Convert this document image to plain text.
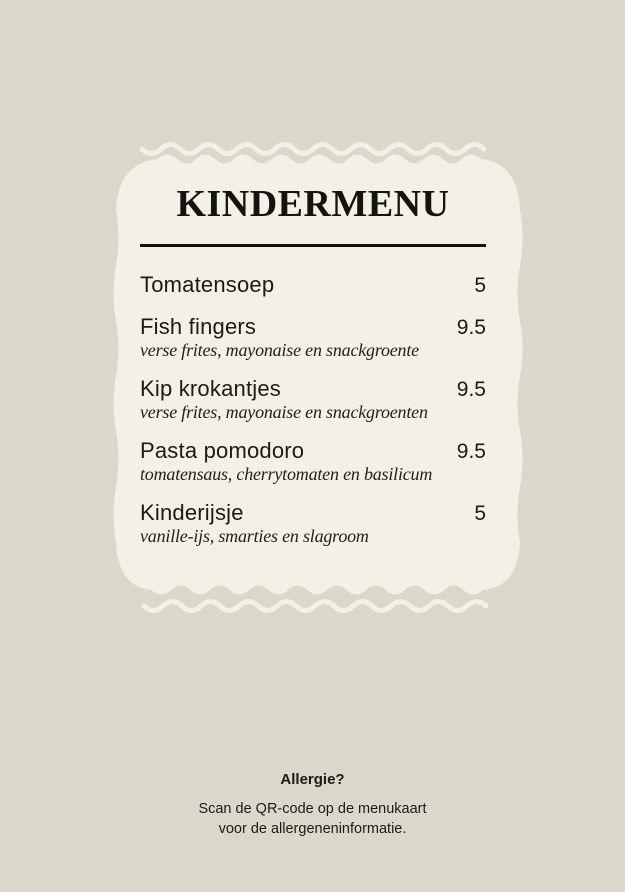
KINDERMENU
Tomatensoep	5
Fish fingers	9.5
verse frites, mayonaise en snackgroente
Kip krokantjes	9.5
verse frites, mayonaise en snackgroenten
Pasta pomodoro	9.5
tomatensaus, cherrytomaten en basilicum
Kinderijsje	5
vanille-ijs, smarties en slagroom
Allergie?
Scan de QR-code op de menukaart
voor de allergeneninformatie.
